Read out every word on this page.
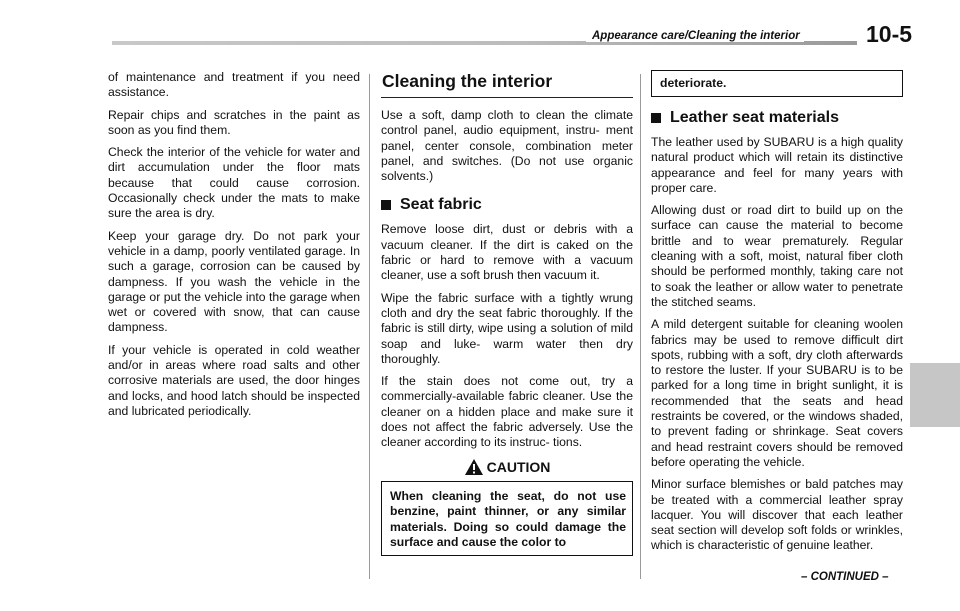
Appearance care/Cleaning the interior	10-5

of maintenance and treatment if you need assistance.

Repair chips and scratches in the paint as soon as you find them.

Check the interior of the vehicle for water and dirt accumulation under the floor mats because that could cause corrosion. Occasionally check under the mats to make sure the area is dry.

Keep your garage dry. Do not park your vehicle in a damp, poorly ventilated garage. In such a garage, corrosion can be caused by dampness. If you wash the vehicle in the garage or put the vehicle into the garage when wet or covered with snow, that can cause dampness.

If your vehicle is operated in cold weather and/or in areas where road salts and other corrosive materials are used, the door hinges and locks, and hood latch should be inspected and lubricated periodically.

Cleaning the interior

Use a soft, damp cloth to clean the climate control panel, audio equipment, instru- ment panel, center console, combination meter panel, and switches. (Do not use organic solvents.)

Seat fabric

Remove loose dirt, dust or debris with a vacuum cleaner. If the dirt is caked on the fabric or hard to remove with a vacuum cleaner, use a soft brush then vacuum it.

Wipe the fabric surface with a tightly wrung cloth and dry the seat fabric thoroughly. If the fabric is still dirty, wipe using a solution of mild soap and luke- warm water then dry thoroughly.

If the stain does not come out, try a commercially-available fabric cleaner. Use the cleaner on a hidden place and make sure it does not affect the fabric adversely. Use the cleaner according to its instruc- tions.

CAUTION
When cleaning the seat, do not use benzine, paint thinner, or any similar materials. Doing so could damage the surface and cause the color to
deteriorate.
Leather seat materials

The leather used by SUBARU is a high quality natural product which will retain its distinctive appearance and feel for many years with proper care.

Allowing dust or road dirt to build up on the surface can cause the material to become brittle and to wear prematurely. Regular cleaning with a soft, moist, natural fiber cloth should be performed monthly, taking care not to soak the leather or allow water to penetrate the stitched seams.

A mild detergent suitable for cleaning woolen fabrics may be used to remove difficult dirt spots, rubbing with a soft, dry cloth afterwards to restore the luster. If your SUBARU is to be parked for a long time in bright sunlight, it is recommended that the seats and head restraints be covered, or the windows shaded, to prevent fading or shrinkage. Seat covers and head restraint covers should be removed before operating the vehicle.

Minor surface blemishes or bald patches may be treated with a commercial leather spray lacquer. You will discover that each leather seat section will develop soft folds or wrinkles, which is characteristic of genuine leather.

– CONTINUED –
